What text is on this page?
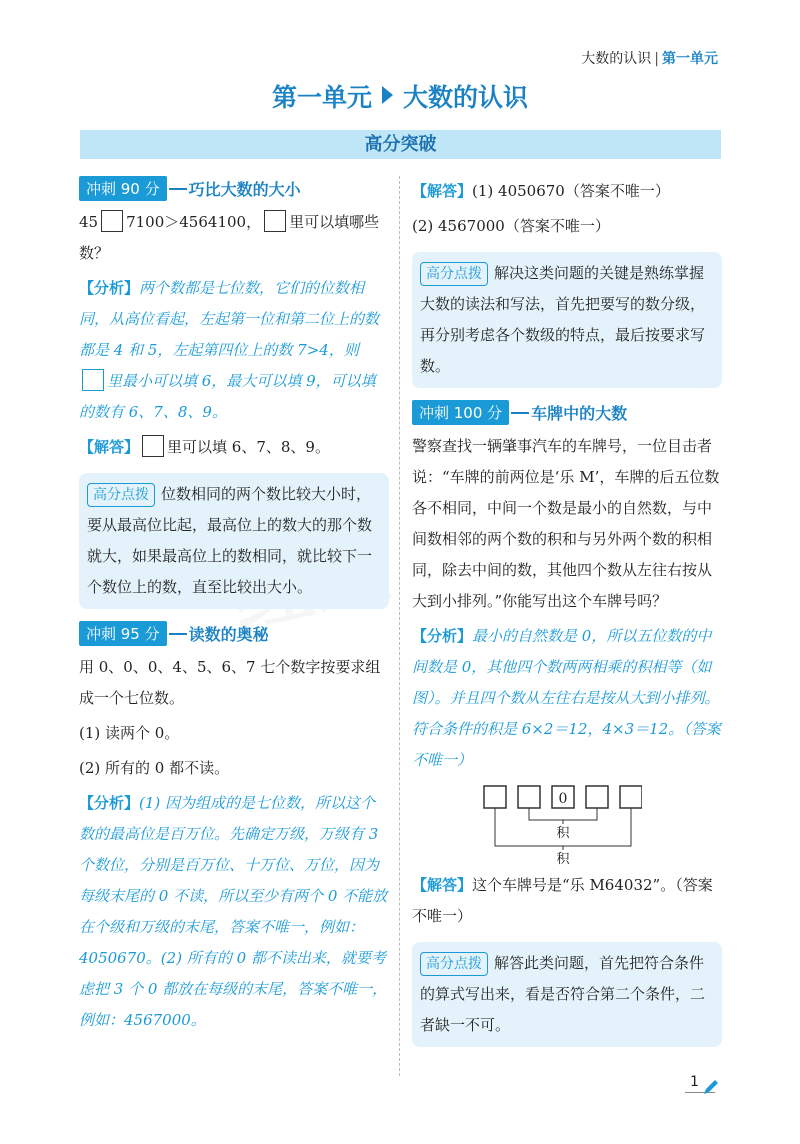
大数的认识 | 第一单元
第一单元 大数的认识
高分突破
冲刺 90 分	巧比大数的大小

45 7100＞4564100， 里可以填哪些数？

【分析】两个数都是七位数，它们的位数相同，从高位看起，左起第一位和第二位上的数都是 4 和 5，左起第四位上的数 7>4，则 里最小可以填 6，最大可以填 9，可以填的数有 6、7、8、9。

【解答】 里可以填 6、7、8、9。

高分点拨 位数相同的两个数比较大小时，要从最高位比起，最高位上的数大的那个数就大，如果最高位上的数相同，就比较下一个数位上的数，直至比较出大小。

冲刺 95 分	读数的奥秘

用 0、0、0、4、5、6、7 七个数字按要求组成一个七位数。

(1) 读两个 0。

(2) 所有的 0 都不读。

【分析】(1) 因为组成的是七位数，所以这个数的最高位是百万位。先确定万级，万级有 3 个数位，分别是百万位、十万位、万位，因为每级末尾的 0 不读，所以至少有两个 0 不能放在个级和万级的末尾，答案不唯一，例如：4050670。(2) 所有的 0 都不读出来，就要考虑把 3 个 0 都放在每级的末尾，答案不唯一，例如：4567000。

【解答】(1) 4050670（答案不唯一）

(2) 4567000（答案不唯一）

高分点拨 解决这类问题的关键是熟练掌握大数的读法和写法，首先把要写的数分级，再分别考虑各个数级的特点，最后按要求写数。

冲刺 100 分	车牌中的大数

警察查找一辆肇事汽车的车牌号，一位目击者说：“车牌的前两位是‘乐 M’，车牌的后五位数各不相同，中间一个数是最小的自然数，与中间数相邻的两个数的积和与另外两个数的积相同，除去中间的数，其他四个数从左往右按从大到小排列。”你能写出这个车牌号吗？

【分析】最小的自然数是 0，所以五位数的中间数是 0，其他四个数两两相乘的积相等（如图）。并且四个数从左往右是按从大到小排列。符合条件的积是 6×2＝12，4×3＝12。（答案不唯一）

0
积
积

【解答】这个车牌号是“乐 M64032”。（答案不唯一）

高分点拨 解答此类问题，首先把符合条件的算式写出来，看是否符合第二个条件，二者缺一不可。

1
